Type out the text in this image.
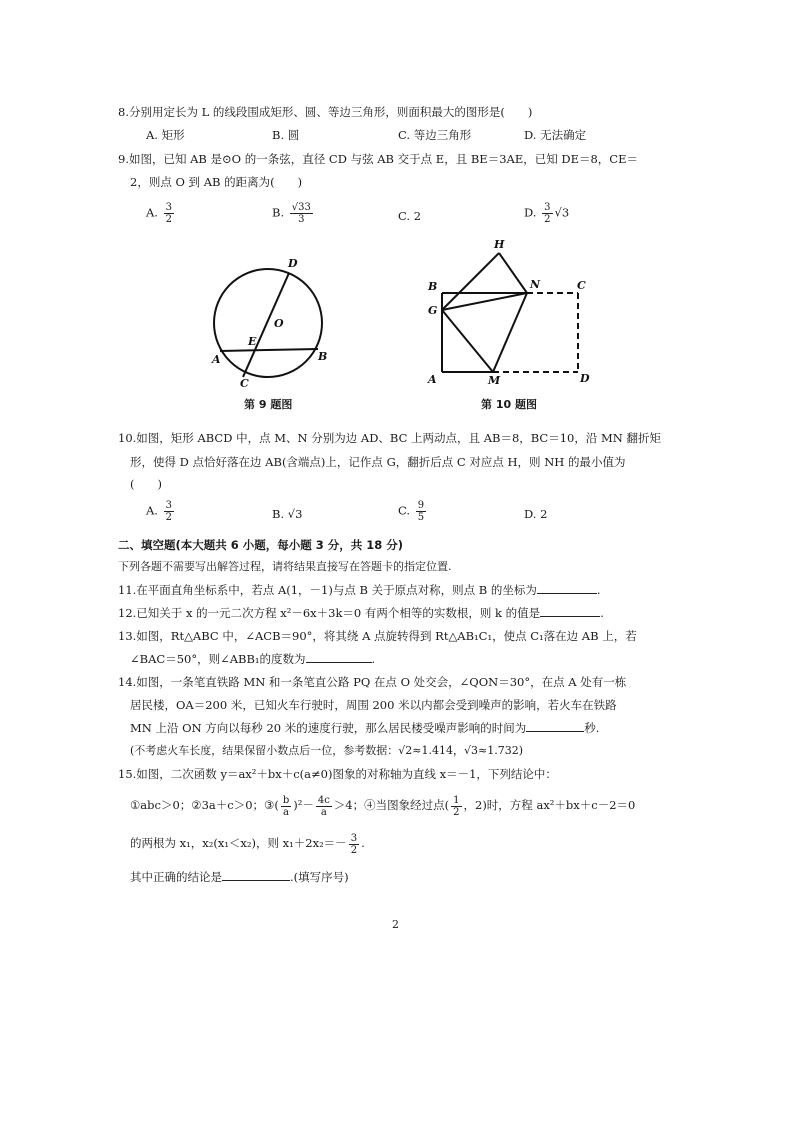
8.分别用定长为 L 的线段围成矩形、圆、等边三角形，则面积最大的图形是(　　)
A. 矩形	B. 圆	C. 等边三角形	D. 无法确定
9.如图，已知 AB 是⊙O 的一条弦，直径 CD 与弦 AB 交于点 E，且 BE＝3AE，已知 DE＝8，CE＝
2，则点 O 到 AB 的距离为(　　)
A. $\frac{3}{2}$	B. $\frac{√33}{3}$	C. 2	D. $\frac{3}{2} √3$
D
O
E
A	B
C
第 9 题图
H
B	N	C
G
A	M	D
第 10 题图
10.如图，矩形 ABCD 中，点 M、N 分别为边 AD、BC 上两动点，且 AB＝8，BC＝10，沿 MN 翻折矩
形，使得 D 点恰好落在边 AB(含端点)上，记作点 G，翻折后点 C 对应点 H，则 NH 的最小值为
(　　)
A. $\frac{3}{2}$	B. √3	C. $\frac{9}{5}$	D. 2
二、填空题(本大题共 6 小题，每小题 3 分，共 18 分)
下列各题不需要写出解答过程，请将结果直接写在答题卡的指定位置.
11.在平面直角坐标系中，若点 A(1，－1)与点 B 关于原点对称，则点 B 的坐标为	.
12.已知关于 x 的一元二次方程 x²－6x＋3k＝0 有两个相等的实数根，则 k 的值是	.
13.如图，Rt△ABC 中，∠ACB＝90°，将其绕 A 点旋转得到 Rt△AB₁C₁，使点 C₁落在边 AB 上，若
∠BAC＝50°，则∠ABB₁的度数为	.
14.如图，一条笔直铁路 MN 和一条笔直公路 PQ 在点 O 处交会，∠QON＝30°，在点 A 处有一栋
居民楼，OA＝200 米，已知火车行驶时，周围 200 米以内都会受到噪声的影响，若火车在铁路
MN 上沿 ON 方向以每秒 20 米的速度行驶，那么居民楼受噪声影响的时间为	秒.
(不考虑火车长度，结果保留小数点后一位，参考数据：√2≈1.414，√3≈1.732)
15.如图，二次函数 y＝ax²＋bx＋c(a≠0)图象的对称轴为直线 x＝－1，下列结论中：
①abc＞0；②3a＋c＞0；③( $\frac{b}{a} )^2- \frac{4c}{a} >4$；④当图象经过点( $\frac{1}{2}$ ，2)时，方程 ax²＋bx＋c－2＝0
的两根为 x₁，x₂(x₁＜x₂)，则 $x_1+2x_2=- \frac{3}{2}$ .
其中正确的结论是	.(填写序号)
2
